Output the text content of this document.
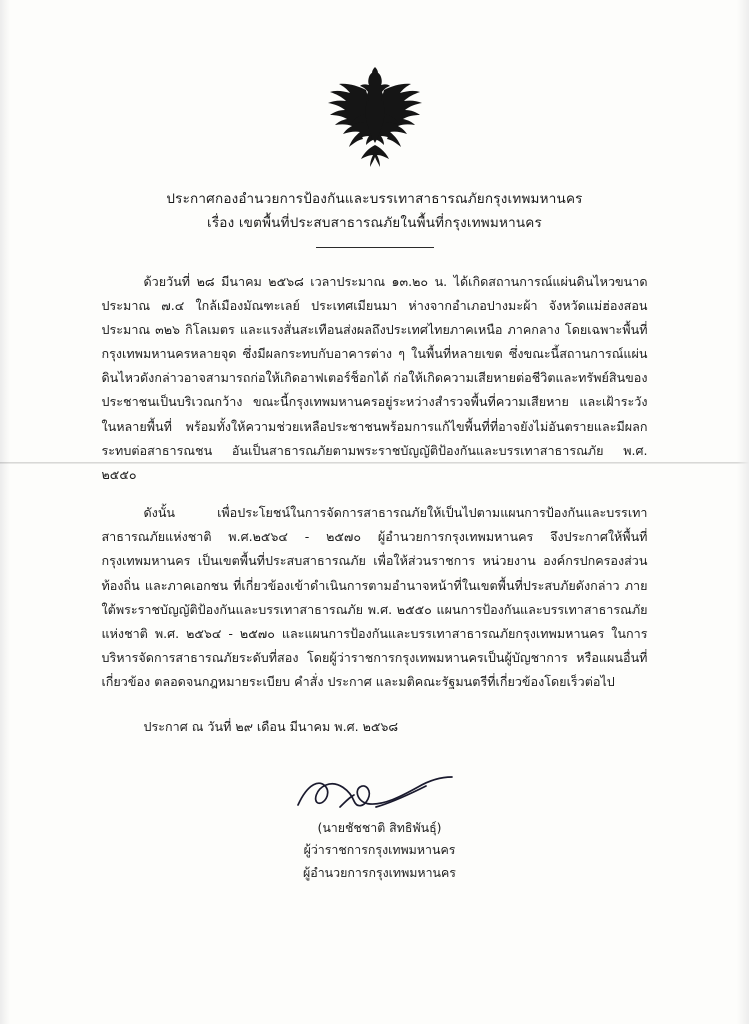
ประกาศกองอำนวยการป้องกันและบรรเทาสาธารณภัยกรุงเทพมหานคร
เรื่อง เขตพื้นที่ประสบสาธารณภัยในพื้นที่กรุงเทพมหานคร

ด้วยวันที่ ๒๘ มีนาคม ๒๕๖๘ เวลาประมาณ ๑๓.๒๐ น. ได้เกิดสถานการณ์แผ่นดินไหวขนาดประมาณ ๗.๔ ใกล้เมืองมัณฑะเลย์ ประเทศเมียนมา ห่างจากอำเภอปางมะผ้า จังหวัดแม่ฮ่องสอน ประมาณ ๓๒๖ กิโลเมตร และแรงสั่นสะเทือนส่งผลถึงประเทศไทยภาคเหนือ ภาคกลาง โดยเฉพาะพื้นที่กรุงเทพมหานครหลายจุด ซึ่งมีผลกระทบกับอาคารต่าง ๆ ในพื้นที่หลายเขต ซึ่งขณะนี้สถานการณ์แผ่นดินไหวดังกล่าวอาจสามารถก่อให้เกิดอาฟเตอร์ช็อกได้ ก่อให้เกิดความเสียหายต่อชีวิตและทรัพย์สินของประชาชนเป็นบริเวณกว้าง ขณะนี้กรุงเทพมหานครอยู่ระหว่างสำรวจพื้นที่ความเสียหาย และเฝ้าระวังในหลายพื้นที่ พร้อมทั้งให้ความช่วยเหลือประชาชนพร้อมการแก้ไขพื้นที่ที่อาจยังไม่อันตรายและมีผลกระทบต่อสาธารณชน อันเป็นสาธารณภัยตามพระราชบัญญัติป้องกันและบรรเทาสาธารณภัย พ.ศ. ๒๕๕๐

ดังนั้น เพื่อประโยชน์ในการจัดการสาธารณภัยให้เป็นไปตามแผนการป้องกันและบรรเทาสาธารณภัยแห่งชาติ พ.ศ.๒๕๖๔ - ๒๕๗๐ ผู้อำนวยการกรุงเทพมหานคร จึงประกาศให้พื้นที่กรุงเทพมหานคร เป็นเขตพื้นที่ประสบสาธารณภัย เพื่อให้ส่วนราชการ หน่วยงาน องค์กรปกครองส่วนท้องถิ่น และภาคเอกชน ที่เกี่ยวข้องเข้าดำเนินการตามอำนาจหน้าที่ในเขตพื้นที่ประสบภัยดังกล่าว ภายใต้พระราชบัญญัติป้องกันและบรรเทาสาธารณภัย พ.ศ. ๒๕๕๐ แผนการป้องกันและบรรเทาสาธารณภัยแห่งชาติ พ.ศ. ๒๕๖๔ - ๒๕๗๐ และแผนการป้องกันและบรรเทาสาธารณภัยกรุงเทพมหานคร ในการบริหารจัดการสาธารณภัยระดับที่สอง โดยผู้ว่าราชการกรุงเทพมหานครเป็นผู้บัญชาการ หรือแผนอื่นที่เกี่ยวข้อง ตลอดจนกฎหมายระเบียบ คำสั่ง ประกาศ และมติคณะรัฐมนตรีที่เกี่ยวข้องโดยเร็วต่อไป

ประกาศ ณ วันที่ ๒๙ เดือน มีนาคม พ.ศ. ๒๕๖๘
(นายชัชชาติ สิทธิพันธุ์)
ผู้ว่าราชการกรุงเทพมหานคร
ผู้อำนวยการกรุงเทพมหานคร
